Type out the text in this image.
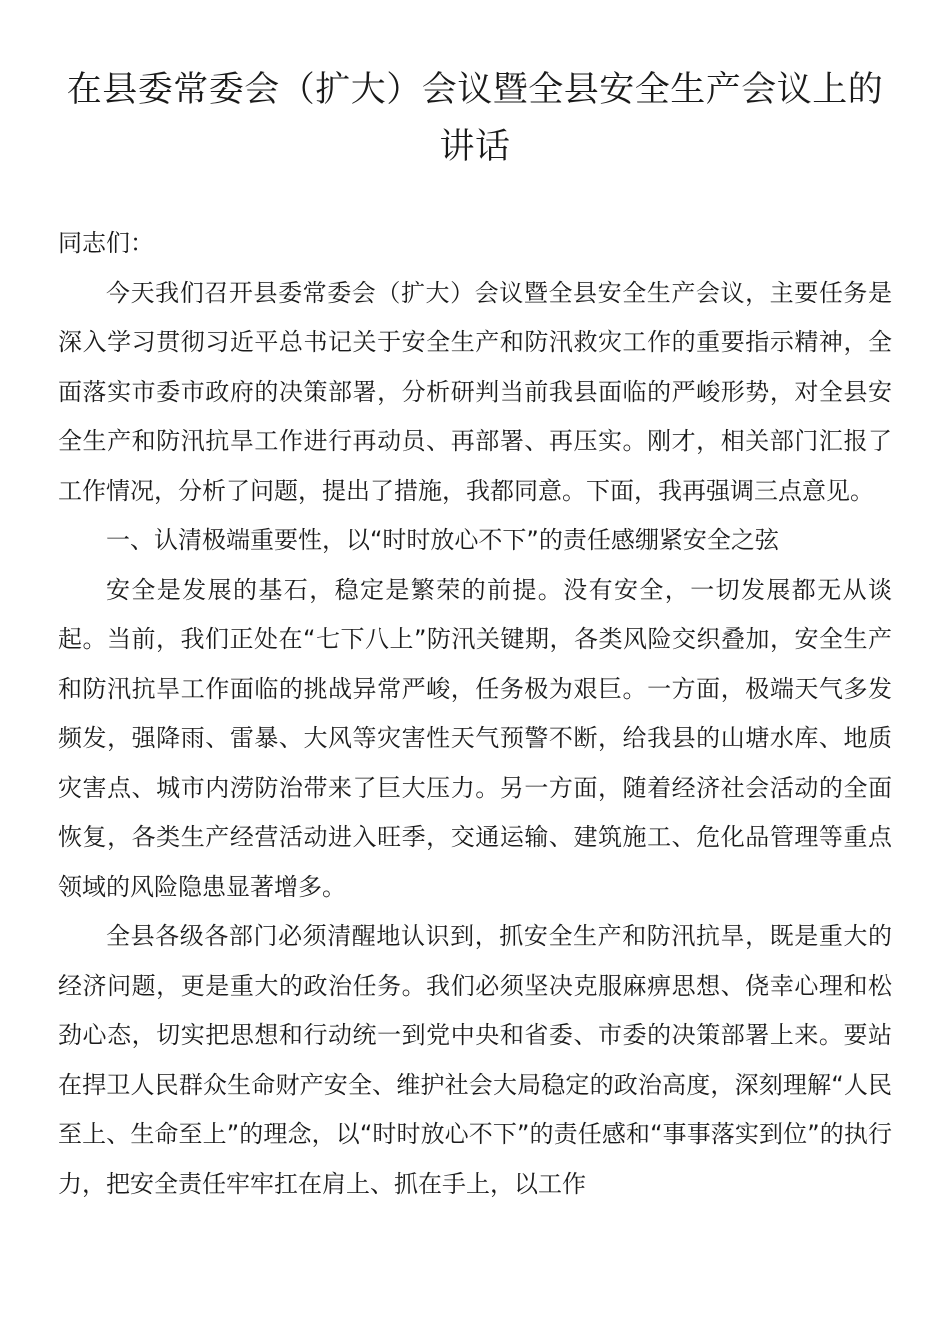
在县委常委会（扩大）会议暨全县安全生产会议上的讲话

同志们：

今天我们召开县委常委会（扩大）会议暨全县安全生产会议，主要任务是深入学习贯彻习近平总书记关于安全生产和防汛救灾工作的重要指示精神，全面落实市委市政府的决策部署，分析研判当前我县面临的严峻形势，对全县安全生产和防汛抗旱工作进行再动员、再部署、再压实。刚才，相关部门汇报了工作情况，分析了问题，提出了措施，我都同意。下面，我再强调三点意见。

一、认清极端重要性，以“时时放心不下”的责任感绷紧安全之弦

安全是发展的基石，稳定是繁荣的前提。没有安全，一切发展都无从谈起。当前，我们正处在“七下八上”防汛关键期，各类风险交织叠加，安全生产和防汛抗旱工作面临的挑战异常严峻，任务极为艰巨。一方面，极端天气多发频发，强降雨、雷暴、大风等灾害性天气预警不断，给我县的山塘水库、地质灾害点、城市内涝防治带来了巨大压力。另一方面，随着经济社会活动的全面恢复，各类生产经营活动进入旺季，交通运输、建筑施工、危化品管理等重点领域的风险隐患显著增多。

全县各级各部门必须清醒地认识到，抓安全生产和防汛抗旱，既是重大的经济问题，更是重大的政治任务。我们必须坚决克服麻痹思想、侥幸心理和松劲心态，切实把思想和行动统一到党中央和省委、市委的决策部署上来。要站在捍卫人民群众生命财产安全、维护社会大局稳定的政治高度，深刻理解“人民至上、生命至上”的理念，以“时时放心不下”的责任感和“事事落实到位”的执行力，把安全责任牢牢扛在肩上、抓在手上，以工作
